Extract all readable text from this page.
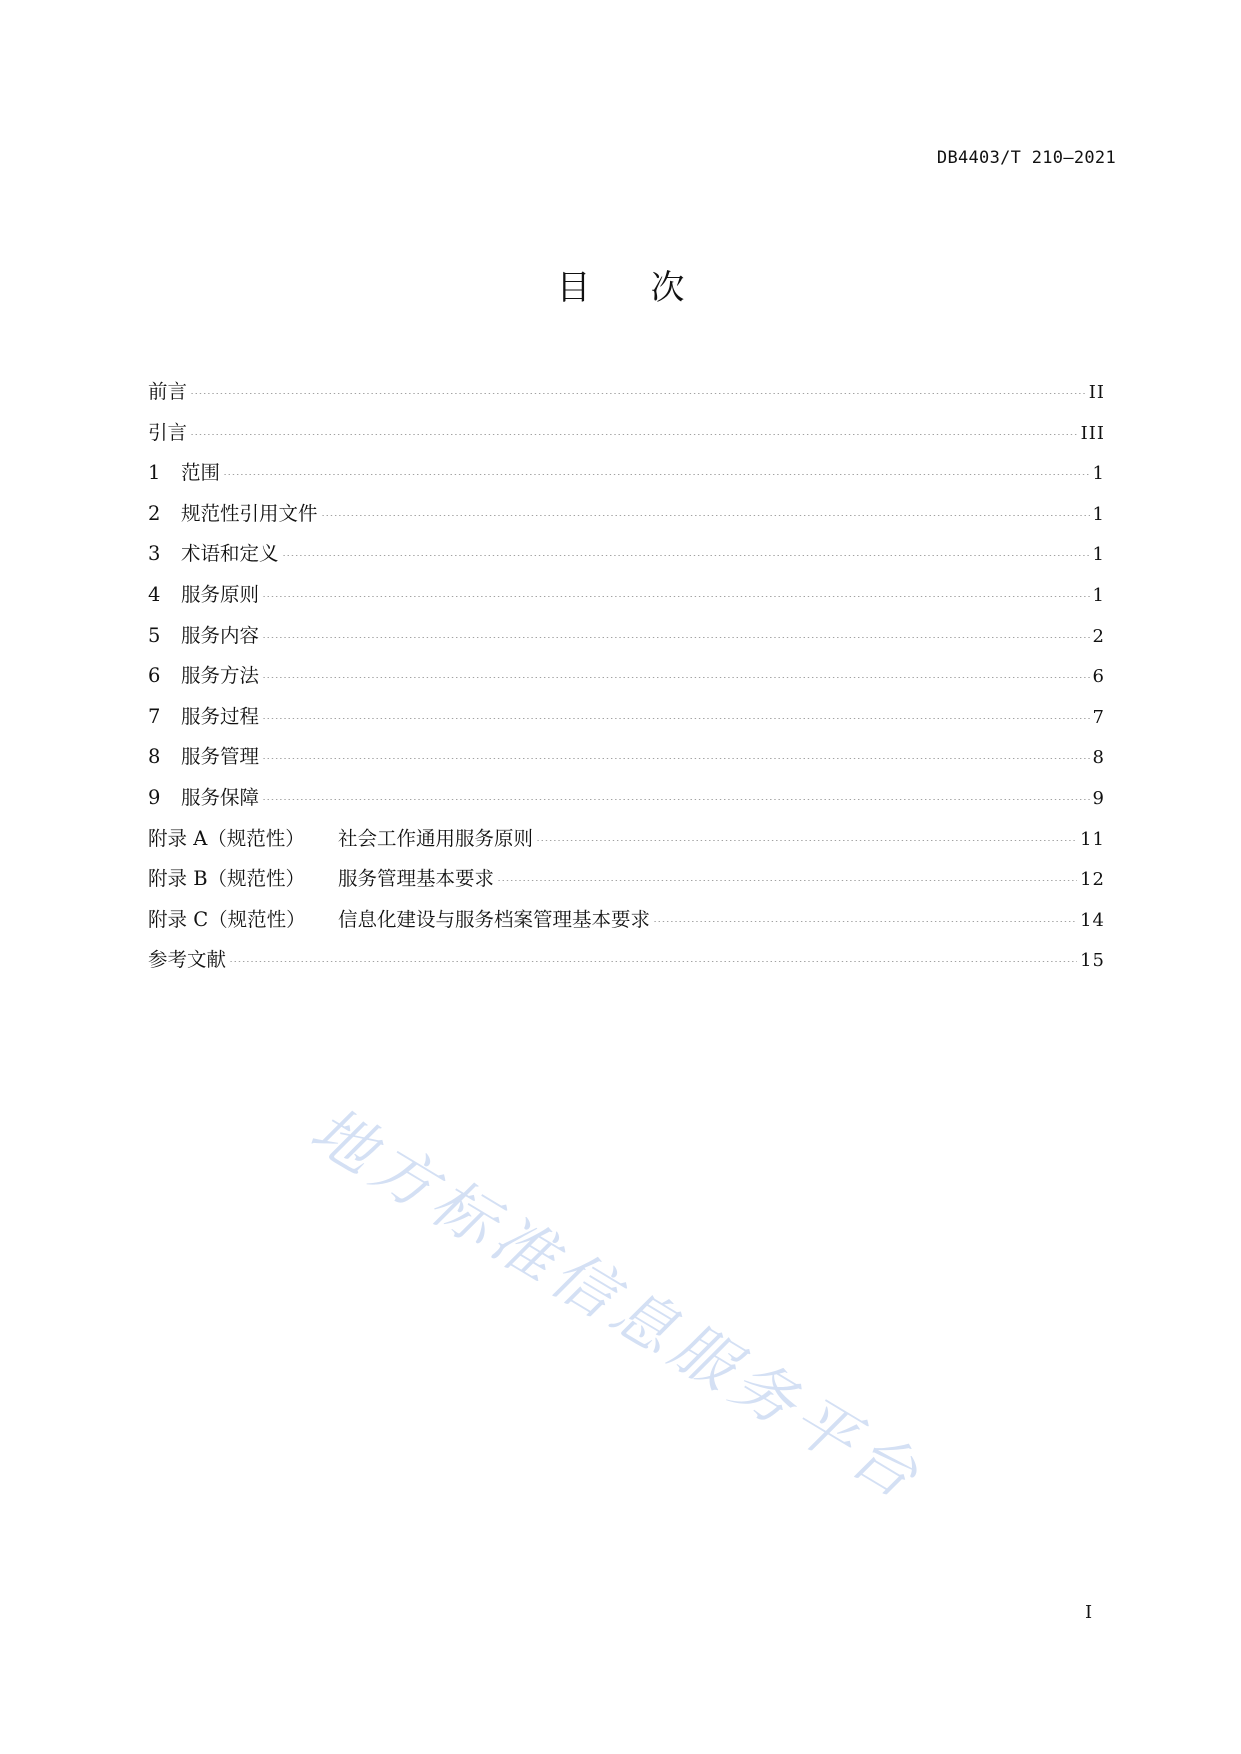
DB4403/T 210—2021
目次
前言	II
引言	III
1	范围	1
2	规范性引用文件	1
3	术语和定义	1
4	服务原则	1
5	服务内容	2
6	服务方法	6
7	服务过程	7
8	服务管理	8
9	服务保障	9
附录 A（规范性）	社会工作通用服务原则	11
附录 B（规范性）	服务管理基本要求	12
附录 C（规范性）	信息化建设与服务档案管理基本要求	14
参考文献	15
地方标准信息服务平台
I
